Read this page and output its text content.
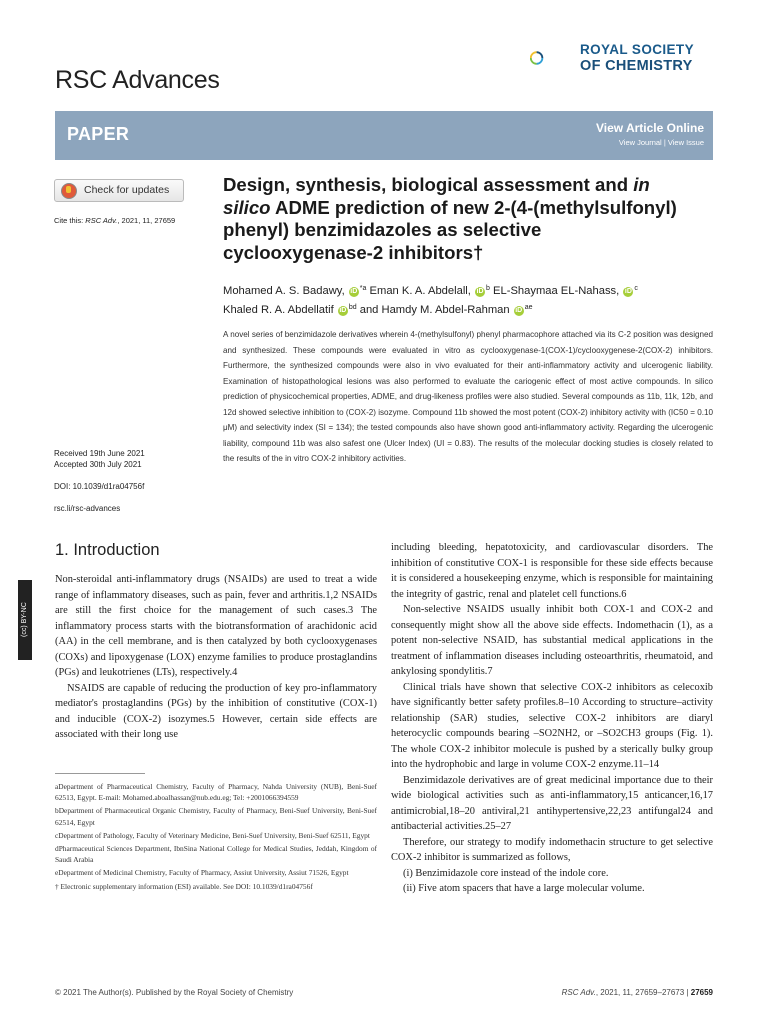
RSC Advances
ROYAL SOCIETY
OF CHEMISTRY
PAPER	View Article Online
View Journal | View Issue
Check for updates
Cite this: RSC Adv., 2021, 11, 27659
Received 19th June 2021
Accepted 30th July 2021
DOI: 10.1039/d1ra04756f
rsc.li/rsc-advances
(cc) BY-NC
Design, synthesis, biological assessment and in silico ADME prediction of new 2-(4-(methylsulfonyl) phenyl) benzimidazoles as selective cyclooxygenase-2 inhibitors†
Mohamed A. S. Badawy, iD $^{*a}$ Eman K. A. Abdelall, iD $^b$ EL-Shaymaa EL-Nahass, iD $^c$
Khaled R. A. Abdellatif iD $^{bd}$ and Hamdy M. Abdel-Rahman iD $^{ae}$
A novel series of benzimidazole derivatives wherein 4-(methylsulfonyl) phenyl pharmacophore attached via its C-2 position was designed and synthesized. These compounds were evaluated in vitro as cyclooxygenase-1(COX-1)/cyclooxygenese-2(COX-2) inhibitors. Furthermore, the synthesized compounds were also in vivo evaluated for their anti-inflammatory activity and ulcerogenic liability. Examination of histopathological lesions was also performed to evaluate the cariogenic effect of most active compounds. In silico prediction of physicochemical properties, ADME, and drug-likeness profiles were also studied. Several compounds as 11b, 11k, 12b, and 12d showed selective inhibition to (COX-2) isozyme. Compound 11b showed the most potent (COX-2) inhibitory activity with (IC50 = 0.10 μM) and selectivity index (SI = 134); the tested compounds also have shown good anti-inflammatory activity. Regarding the ulcerogenic liability, compound 11b was also safest one (Ulcer Index) (UI = 0.83). The results of the molecular docking studies is closely related to the results of the in vitro COX-2 inhibitory activities.
1. Introduction

Non-steroidal anti-inflammatory drugs (NSAIDs) are used to treat a wide range of inflammatory diseases, such as pain, fever and arthritis.1,2 NSAIDs are still the first choice for the management of such cases.3 The inflammatory process starts with the biotransformation of arachidonic acid (AA) in the cell membrane, and is then catalyzed by both cyclooxygenases (COXs) and lipoxygenase (LOX) enzyme families to produce prostaglandins (PGs) and leukotrienes (LTs), respectively.4

NSAIDS are capable of reducing the production of key pro-inflammatory mediator's prostaglandins (PGs) by the inhibition of constitutive (COX-1) and inducible (COX-2) isozymes.5 However, certain side effects are associated with their long use

aDepartment of Pharmaceutical Chemistry, Faculty of Pharmacy, Nahda University (NUB), Beni-Suef 62513, Egypt. E-mail: Mohamed.aboalhassan@nub.edu.eg; Tel: +2001066394559

bDepartment of Pharmaceutical Organic Chemistry, Faculty of Pharmacy, Beni-Suef University, Beni-Suef 62514, Egypt

cDepartment of Pathology, Faculty of Veterinary Medicine, Beni-Suef University, Beni-Suef 62511, Egypt

dPharmaceutical Sciences Department, IbnSina National College for Medical Studies, Jeddah, Kingdom of Saudi Arabia

eDepartment of Medicinal Chemistry, Faculty of Pharmacy, Assiut University, Assiut 71526, Egypt

† Electronic supplementary information (ESI) available. See DOI: 10.1039/d1ra04756f

including bleeding, hepatotoxicity, and cardiovascular disorders. The inhibition of constitutive COX-1 is responsible for these side effects because it is considered a housekeeping enzyme, which is responsible for maintaining the integrity of gastric, renal and platelet cell functions.6

Non-selective NSAIDS usually inhibit both COX-1 and COX-2 and consequently might show all the above side effects. Indomethacin (1), as a potent non-selective NSAID, has substantial medical applications in the treatment of inflammation diseases including osteoarthritis, rheumatoid, and ankylosing spondylitis.7

Clinical trials have shown that selective COX-2 inhibitors as celecoxib have significantly better safety profiles.8–10 According to structure–activity relationship (SAR) studies, selective COX-2 inhibitors are diaryl heterocyclic compounds bearing –SO2NH2, or –SO2CH3 groups (Fig. 1). The whole COX-2 inhibitor molecule is pushed by a sterically bulky group into the hydrophobic and large in volume COX-2 enzyme.11–14

Benzimidazole derivatives are of great medicinal importance due to their wide biological activities such as anti-inflammatory,15 anticancer,16,17 antimicrobial,18–20 antiviral,21 antihypertensive,22,23 antifungal24 and antibacterial activities.25–27

Therefore, our strategy to modify indomethacin structure to get selective COX-2 inhibitor is summarized as follows,

(i) Benzimidazole core instead of the indole core.

(ii) Five atom spacers that have a large molecular volume.

© 2021 The Author(s). Published by the Royal Society of Chemistry	RSC Adv., 2021, 11, 27659–27673 | 27659
